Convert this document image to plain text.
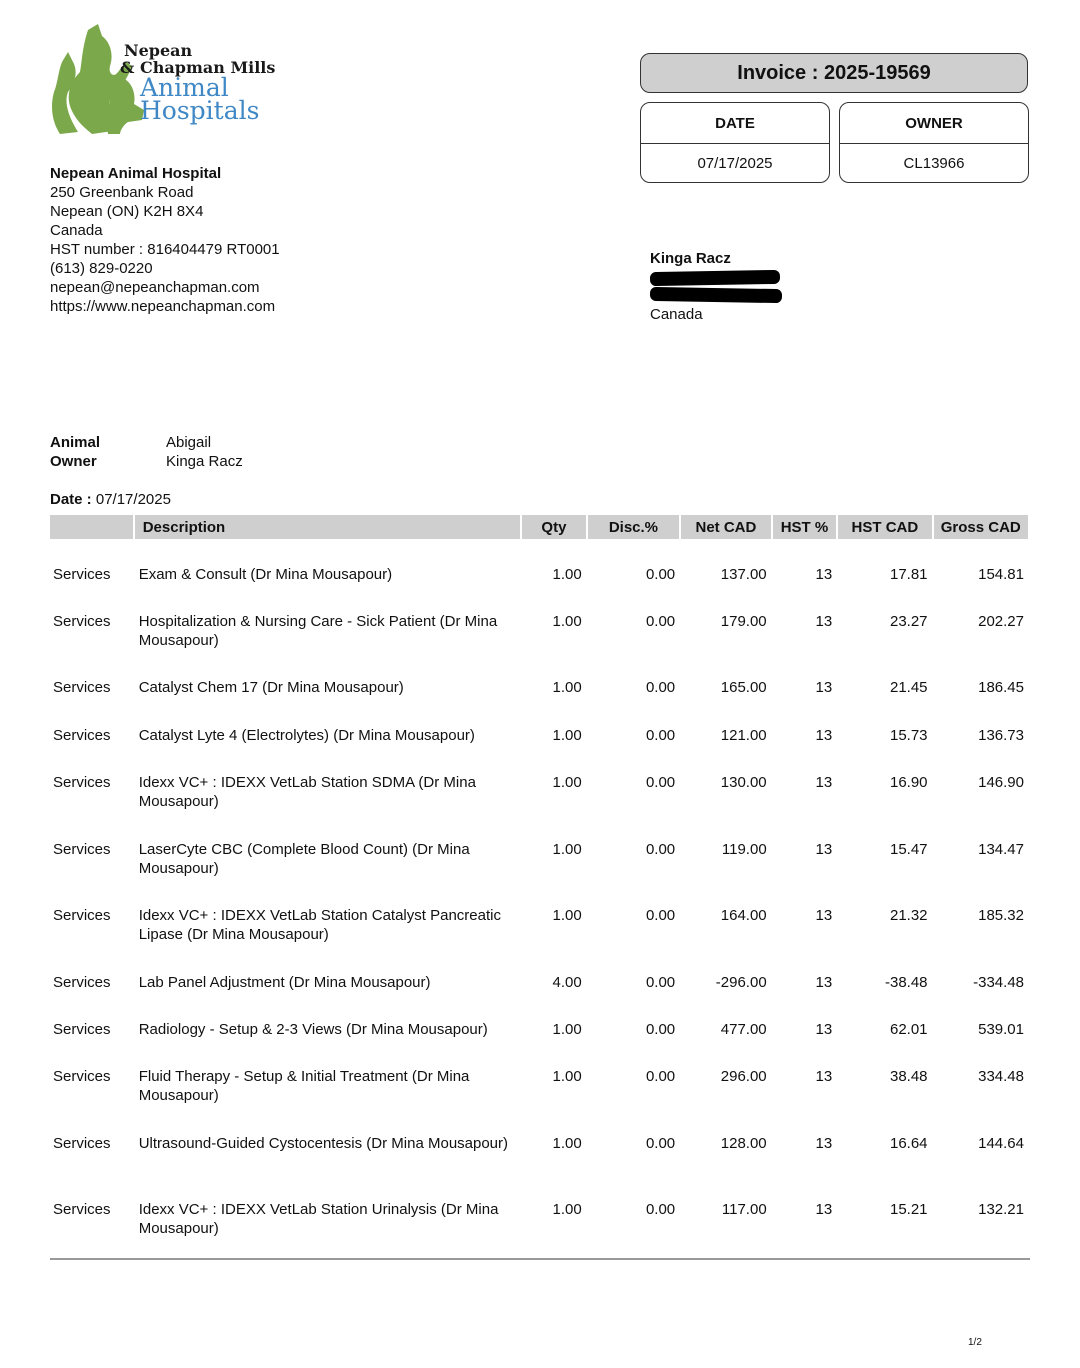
Nepean
& Chapman Mills
Animal
Hospitals
Nepean Animal Hospital
250 Greenbank Road
Nepean (ON) K2H 8X4
Canada
HST number : 816404479 RT0001
(613) 829-0220
nepean@nepeanchapman.com
https://www.nepeanchapman.com
Invoice : 2025-19569
DATE
07/17/2025
OWNER
CL13966
Kinga Racz
Canada
Animal	Abigail
Owner	Kinga Racz
Date : 07/17/2025
	Description	Qty	Disc.%	Net CAD	HST %	HST CAD	Gross CAD
Services	Exam & Consult (Dr Mina Mousapour)	1.00	0.00	137.00	13	17.81	154.81
Services	Hospitalization & Nursing Care - Sick Patient (Dr Mina Mousapour)	1.00	0.00	179.00	13	23.27	202.27
Services	Catalyst Chem 17 (Dr Mina Mousapour)	1.00	0.00	165.00	13	21.45	186.45
Services	Catalyst Lyte 4 (Electrolytes) (Dr Mina Mousapour)	1.00	0.00	121.00	13	15.73	136.73
Services	Idexx VC+ : IDEXX VetLab Station SDMA (Dr Mina Mousapour)	1.00	0.00	130.00	13	16.90	146.90
Services	LaserCyte CBC (Complete Blood Count) (Dr Mina Mousapour)	1.00	0.00	119.00	13	15.47	134.47
Services	Idexx VC+ : IDEXX VetLab Station Catalyst Pancreatic Lipase (Dr Mina Mousapour)	1.00	0.00	164.00	13	21.32	185.32
Services	Lab Panel Adjustment (Dr Mina Mousapour)	4.00	0.00	-296.00	13	-38.48	-334.48
Services	Radiology - Setup & 2-3 Views (Dr Mina Mousapour)	1.00	0.00	477.00	13	62.01	539.01
Services	Fluid Therapy - Setup & Initial Treatment (Dr Mina Mousapour)	1.00	0.00	296.00	13	38.48	334.48
Services	Ultrasound-Guided Cystocentesis (Dr Mina Mousapour)	1.00	0.00	128.00	13	16.64	144.64
Services	Idexx VC+ : IDEXX VetLab Station Urinalysis (Dr Mina Mousapour)	1.00	0.00	117.00	13	15.21	132.21
1/2
